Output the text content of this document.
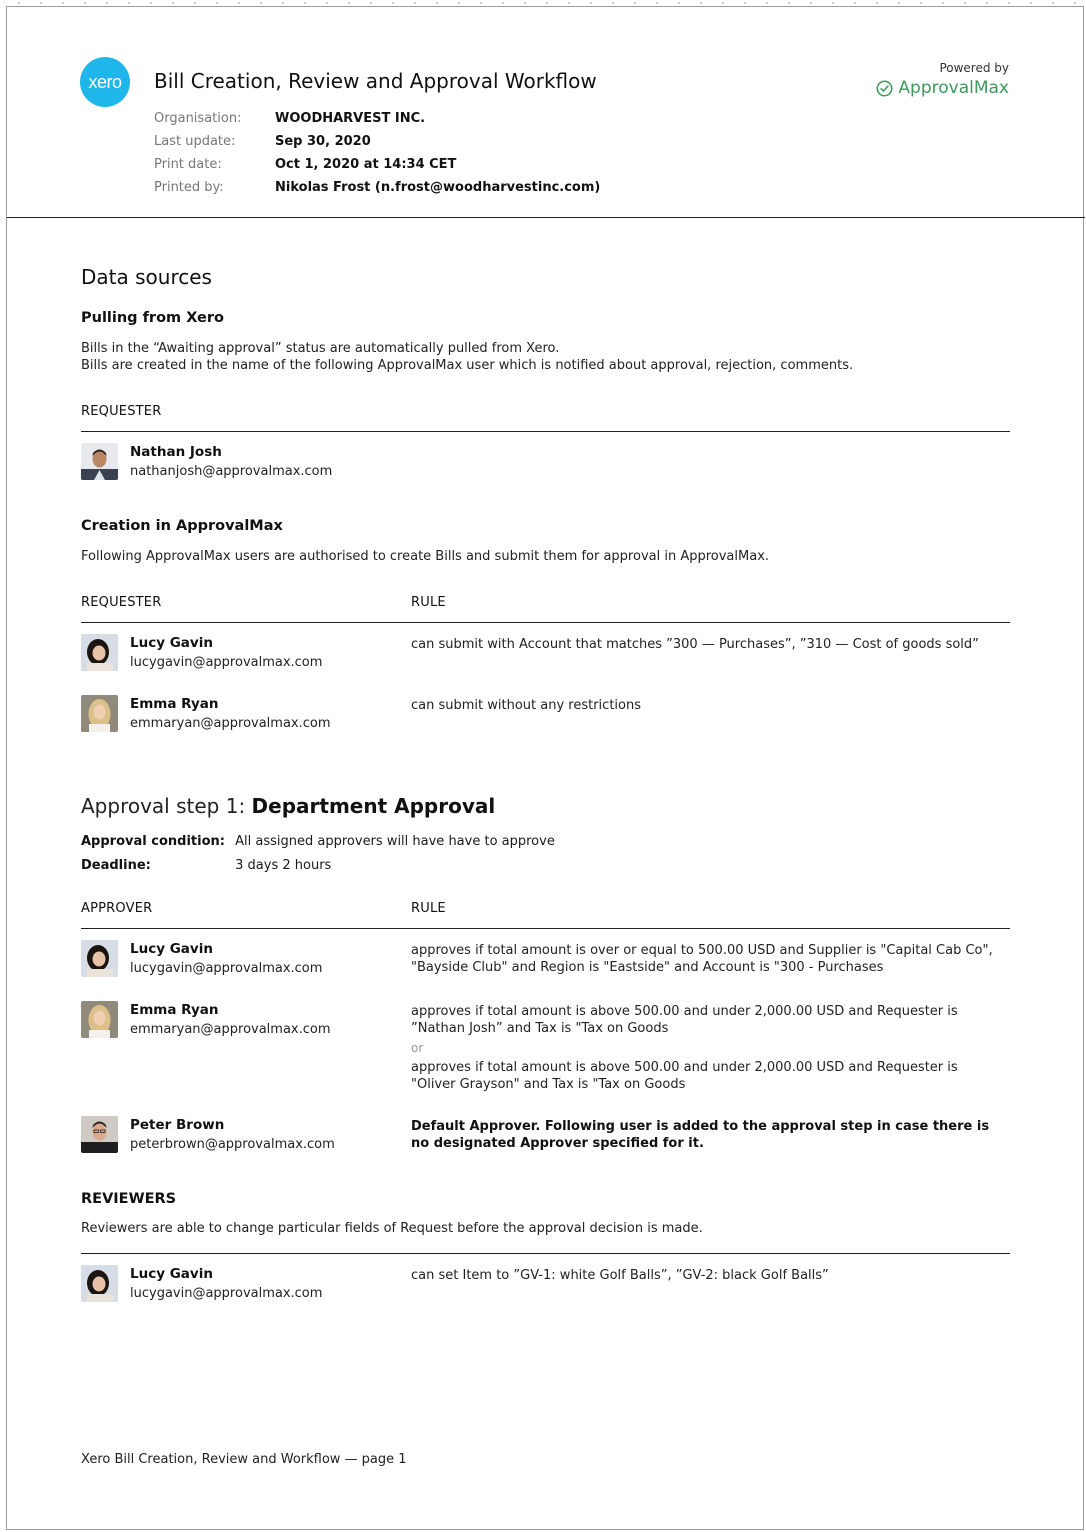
xero Bill Creation, Review and Approval Workflow
Organisation:	WOODHARVEST INC.
Last update:	Sep 30, 2020
Print date:	Oct 1, 2020 at 14:34 CET
Printed by:	Nikolas Frost (n.frost@woodharvestinc.com)
Powered by
ApprovalMax
Data sources
Pulling from Xero
Bills in the “Awaiting approval” status are automatically pulled from Xero.
Bills are created in the name of the following ApprovalMax user which is notified about approval, rejection, comments.
REQUESTER
Nathan Josh
nathanjosh@approvalmax.com
Creation in ApprovalMax
Following ApprovalMax users are authorised to create Bills and submit them for approval in ApprovalMax.
REQUESTER	RULE
Lucy Gavin
lucygavin@approvalmax.com
can submit with Account that matches ”300 — Purchases”, ”310 — Cost of goods sold”
Emma Ryan
emmaryan@approvalmax.com
can submit without any restrictions
Approval step 1: Department Approval
Approval condition: All assigned approvers will have have to approve
Deadline:	3 days 2 hours
APPROVER	RULE
Lucy Gavin
lucygavin@approvalmax.com
approves if total amount is over or equal to 500.00 USD and Supplier is "Capital Cab Co", "Bayside Club" and Region is "Eastside" and Account is "300 - Purchases
Emma Ryan
emmaryan@approvalmax.com
approves if total amount is above 500.00 and under 2,000.00 USD and Requester is ”Nathan Josh” and Tax is "Tax on Goods
or
approves if total amount is above 500.00 and under 2,000.00 USD and Requester is "Oliver Grayson" and Tax is "Tax on Goods
Peter Brown
peterbrown@approvalmax.com
Default Approver. Following user is added to the approval step in case there is no designated Approver specified for it.
REVIEWERS
Reviewers are able to change particular fields of Request before the approval decision is made.
Lucy Gavin
lucygavin@approvalmax.com
can set Item to ”GV-1: white Golf Balls”, ”GV-2: black Golf Balls”
Xero Bill Creation, Review and Workflow — page 1
